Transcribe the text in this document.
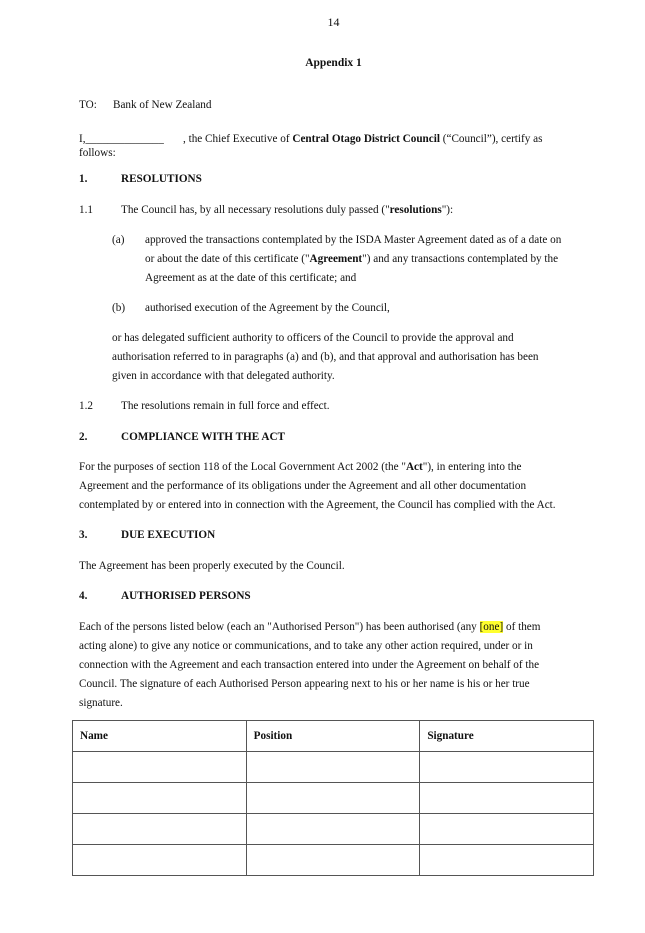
14
Appendix 1
TO: Bank of New Zealand
I,______________ , the Chief Executive of Central Otago District Council (“Council”), certify as
follows:
1.	RESOLUTIONS
1.1	The Council has, by all necessary resolutions duly passed ("resolutions"):
(a) approved the transactions contemplated by the ISDA Master Agreement dated as of a date on
or about the date of this certificate ("Agreement") and any transactions contemplated by the
Agreement as at the date of this certificate; and
(b) authorised execution of the Agreement by the Council,
or has delegated sufficient authority to officers of the Council to provide the approval and
authorisation referred to in paragraphs (a) and (b), and that approval and authorisation has been
given in accordance with that delegated authority.
1.2	The resolutions remain in full force and effect.
2.	COMPLIANCE WITH THE ACT
For the purposes of section 118 of the Local Government Act 2002 (the "Act"), in entering into the
Agreement and the performance of its obligations under the Agreement and all other documentation
contemplated by or entered into in connection with the Agreement, the Council has complied with the Act.
3.	DUE EXECUTION
The Agreement has been properly executed by the Council.
4.	AUTHORISED PERSONS
Each of the persons listed below (each an "Authorised Person") has been authorised (any [one] of them
acting alone) to give any notice or communications, and to take any other action required, under or in
connection with the Agreement and each transaction entered into under the Agreement on behalf of the
Council. The signature of each Authorised Person appearing next to his or her name is his or her true
signature.
Name	Position	Signature
